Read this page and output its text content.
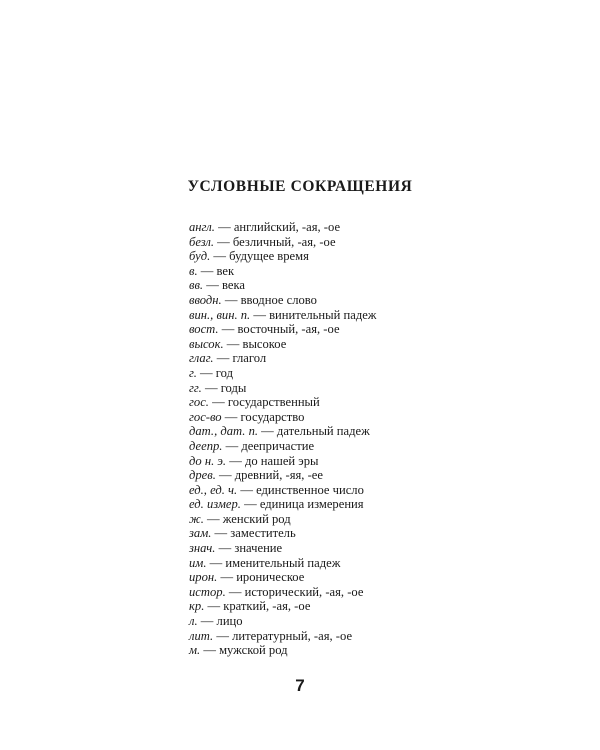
УСЛОВНЫЕ СОКРАЩЕНИЯ
англ. — английский, -ая, -ое
безл. — безличный, -ая, -ое
буд. — будущее время
в. — век
вв. — века
вводн. — вводное слово
вин., вин. п. — винительный падеж
вост. — восточный, -ая, -ое
высок. — высокое
глаг. — глагол
г. — год
гг. — годы
гос. — государственный
гос-во — государство
дат., дат. п. — дательный падеж
деепр. — деепричастие
до н. э. — до нашей эры
древ. — древний, -яя, -ее
ед., ед. ч. — единственное число
ед. измер. — единица измерения
ж. — женский род
зам. — заместитель
знач. — значение
им. — именительный падеж
ирон. — ироническое
истор. — исторический, -ая, -ое
кр. — краткий, -ая, -ое
л. — лицо
лит. — литературный, -ая, -ое
м. — мужской род
7
